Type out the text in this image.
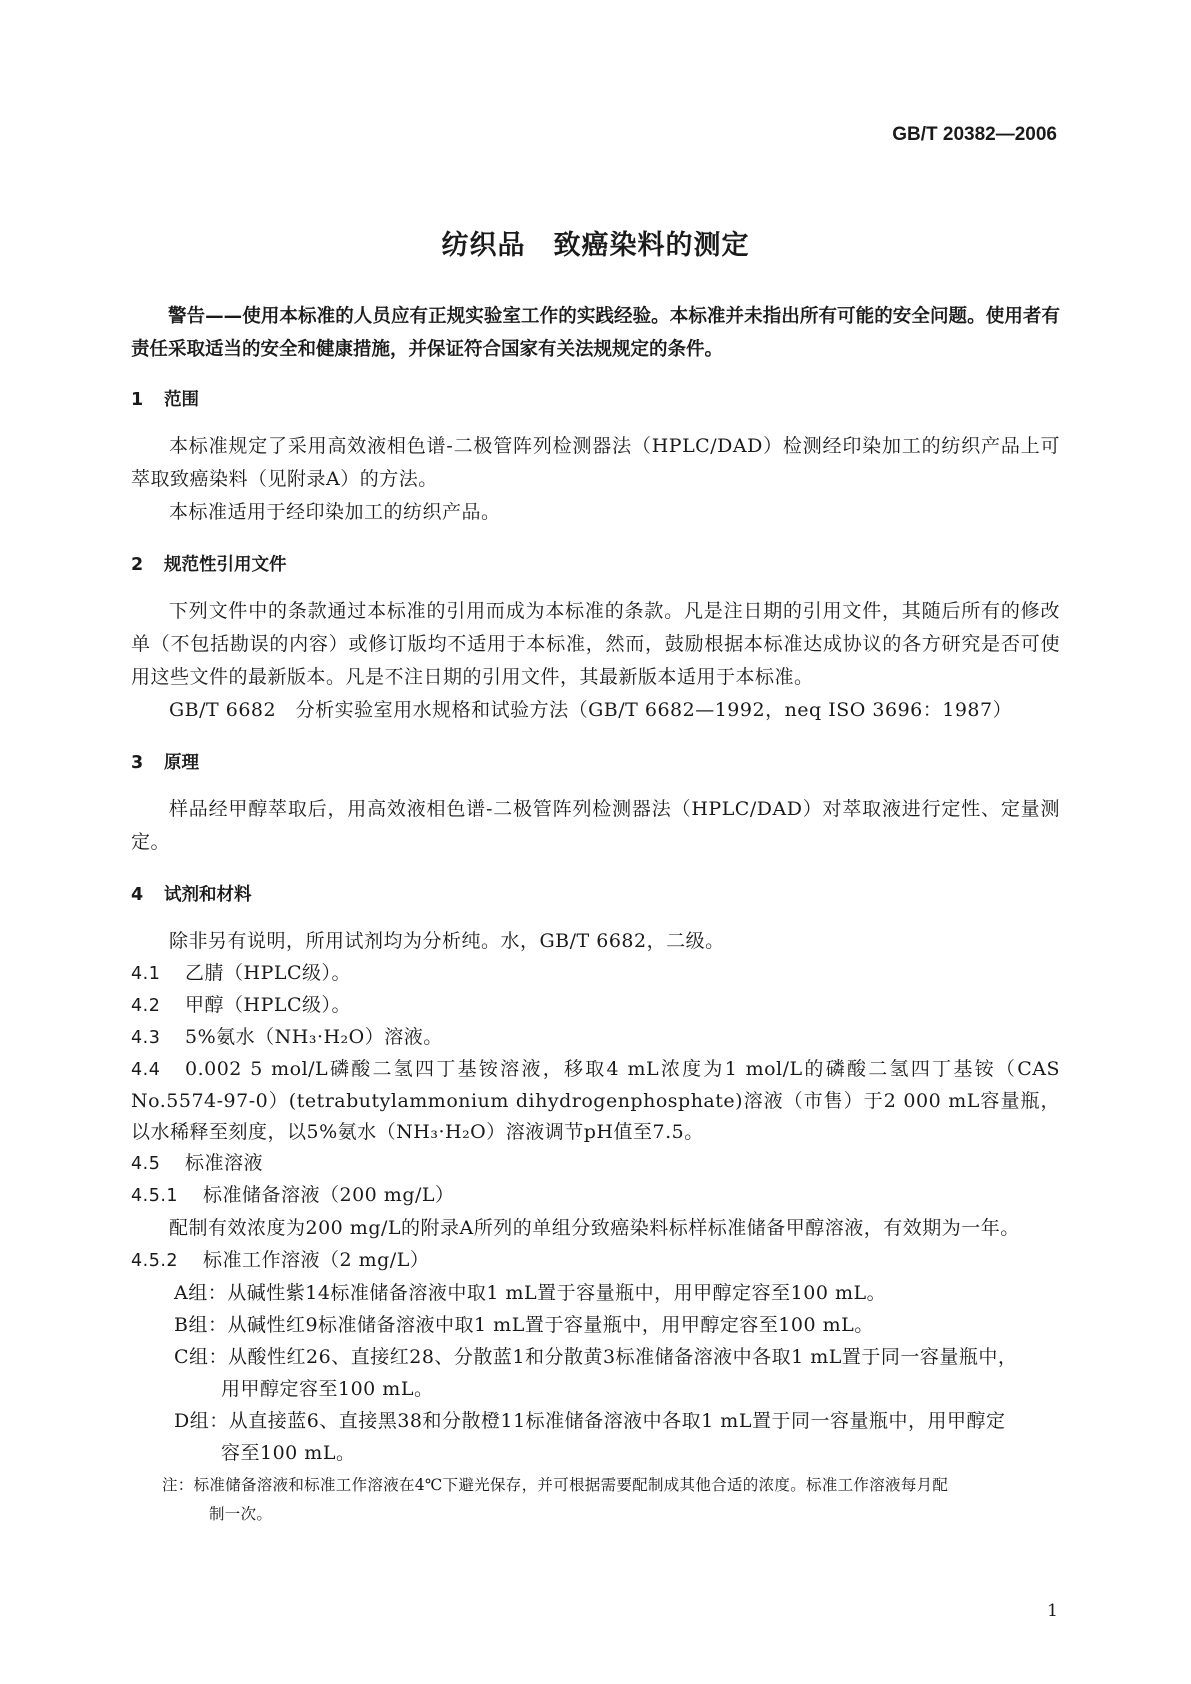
GB/T 20382—2006
纺织品　致癌染料的测定

警告——使用本标准的人员应有正规实验室工作的实践经验。本标准并未指出所有可能的安全问题。使用者有责任采取适当的安全和健康措施，并保证符合国家有关法规规定的条件。

1 范围

本标准规定了采用高效液相色谱-二极管阵列检测器法（HPLC/DAD）检测经印染加工的纺织产品上可萃取致癌染料（见附录A）的方法。

本标准适用于经印染加工的纺织产品。

2 规范性引用文件

下列文件中的条款通过本标准的引用而成为本标准的条款。凡是注日期的引用文件，其随后所有的修改单（不包括勘误的内容）或修订版均不适用于本标准，然而，鼓励根据本标准达成协议的各方研究是否可使用这些文件的最新版本。凡是不注日期的引用文件，其最新版本适用于本标准。

GB/T 6682　分析实验室用水规格和试验方法（GB/T 6682—1992，neq ISO 3696：1987）

3 原理

样品经甲醇萃取后，用高效液相色谱-二极管阵列检测器法（HPLC/DAD）对萃取液进行定性、定量测定。

4 试剂和材料

除非另有说明，所用试剂均为分析纯。水，GB/T 6682，二级。

4.1 乙腈（HPLC级）。

4.2 甲醇（HPLC级）。

4.3 5%氨水（NH₃·H₂O）溶液。

4.4 0.002 5 mol/L磷酸二氢四丁基铵溶液，移取4 mL浓度为1 mol/L的磷酸二氢四丁基铵（CAS No.5574-97-0）(tetrabutylammonium dihydrogenphosphate)溶液（市售）于2 000 mL容量瓶，以水稀释至刻度，以5%氨水（NH₃·H₂O）溶液调节pH值至7.5。

4.5 标准溶液

4.5.1 标准储备溶液（200 mg/L）

配制有效浓度为200 mg/L的附录A所列的单组分致癌染料标样标准储备甲醇溶液，有效期为一年。

4.5.2 标准工作溶液（2 mg/L）

A组：从碱性紫14标准储备溶液中取1 mL置于容量瓶中，用甲醇定容至100 mL。
B组：从碱性红9标准储备溶液中取1 mL置于容量瓶中，用甲醇定容至100 mL。
C组：从酸性红26、直接红28、分散蓝1和分散黄3标准储备溶液中各取1 mL置于同一容量瓶中，
用甲醇定容至100 mL。
D组：从直接蓝6、直接黑38和分散橙11标准储备溶液中各取1 mL置于同一容量瓶中，用甲醇定
容至100 mL。
注：标准储备溶液和标准工作溶液在4℃下避光保存，并可根据需要配制成其他合适的浓度。标准工作溶液每月配
制一次。
1
